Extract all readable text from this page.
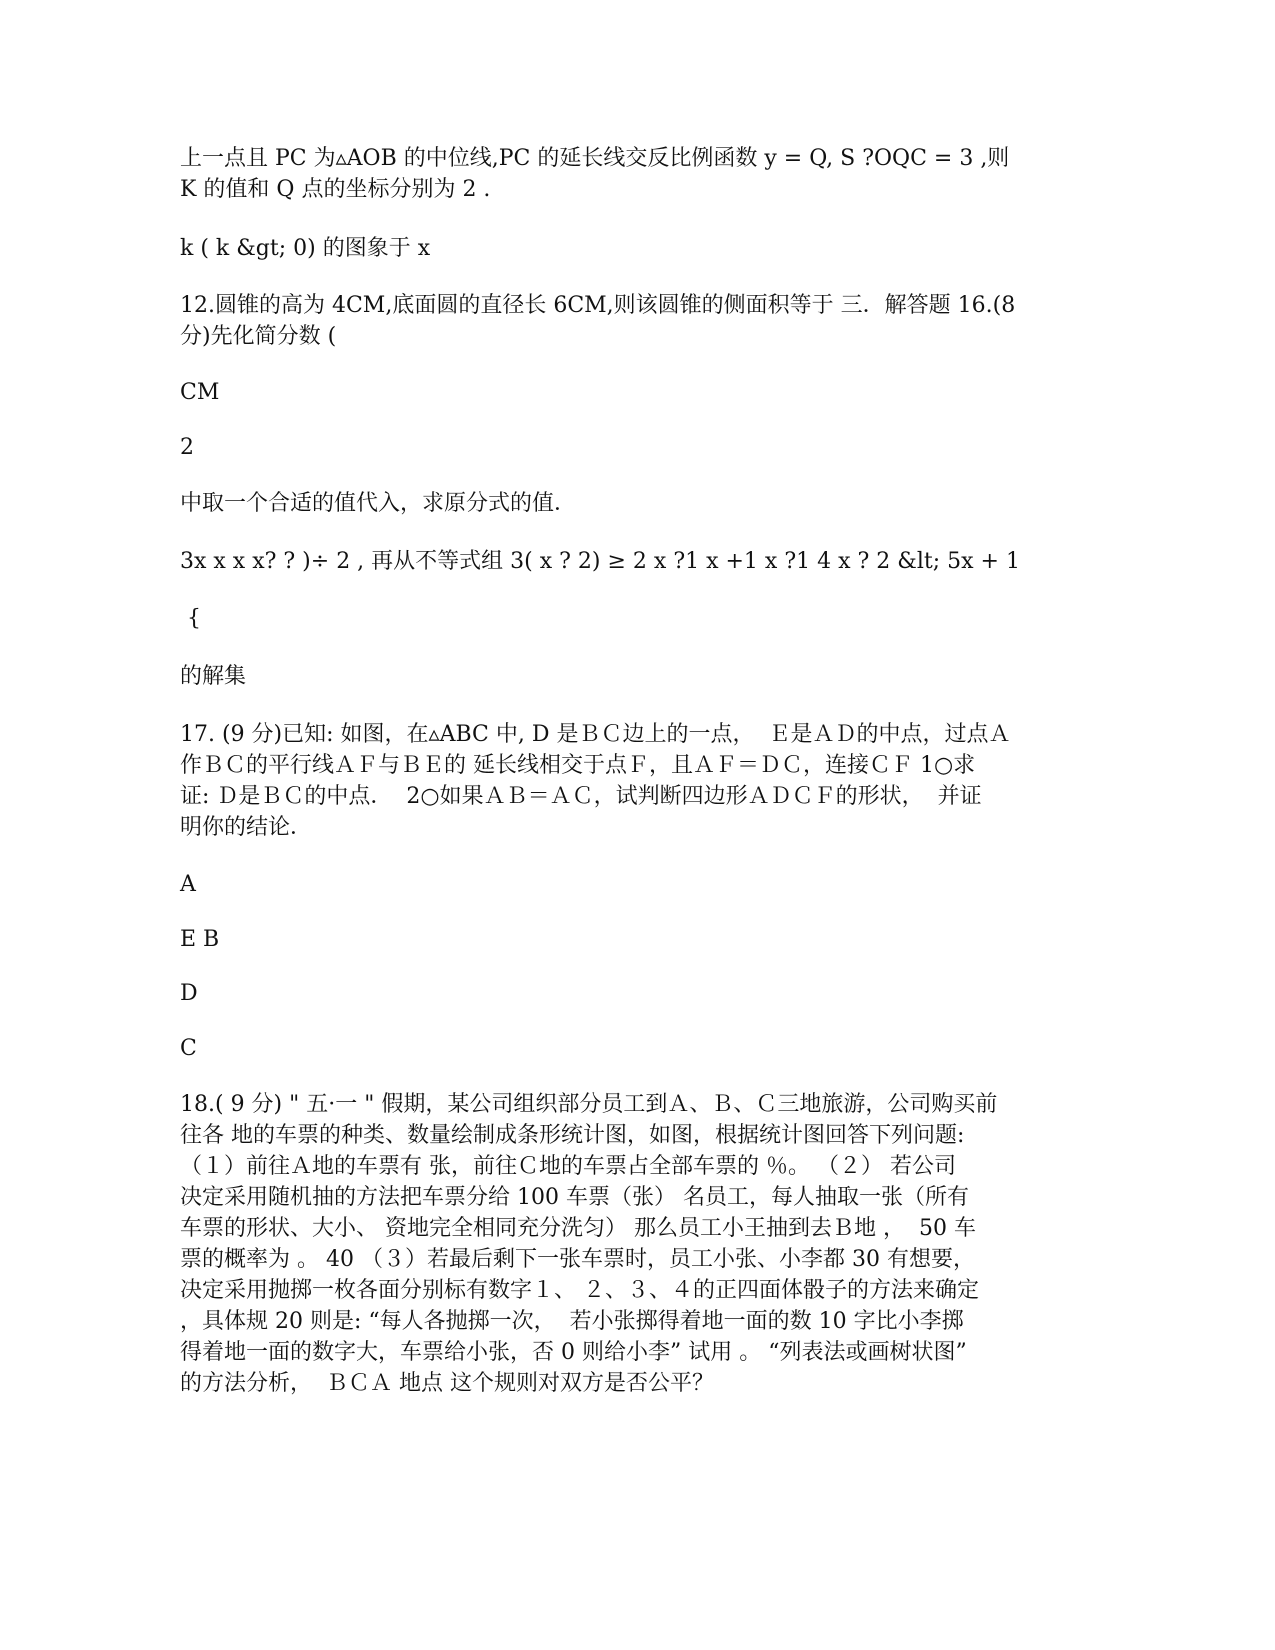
上一点且 PC 为▵AOB 的中位线,PC 的延长线交反比例函数 y = Q, S ?OQC = 3 ,则
K 的值和 Q 点的坐标分别为 2 .

k ( k &gt; 0) 的图象于 x

12.圆锥的高为 4CM,底面圆的直径长 6CM,则该圆锥的侧面积等于 三．解答题 16.(8
分)先化简分数 (

CM

2

中取一个合适的值代入，求原分式的值．

3x x x x? ? )÷ 2 , 再从不等式组 3( x ? 2) ≥ 2 x ?1 x +1 x ?1 4 x ? 2 &lt; 5x + 1

{

的解集

17. (9 分)已知: 如图，在▵ABC 中, D 是ＢＣ边上的一点，  Ｅ是ＡＤ的中点，过点Ａ
作ＢＣ的平行线ＡＦ与ＢＥ的 延长线相交于点Ｆ，且ＡＦ＝ＤＣ，连接ＣＦ 1○求
证: Ｄ是ＢＣ的中点．  2○如果ＡＢ＝ＡＣ，试判断四边形ＡＤＣＦ的形状，  并证
明你的结论．

A

E B

D

C

18.( 9 分) " 五·一 " 假期，某公司组织部分员工到Ａ、Ｂ、Ｃ三地旅游，公司购买前
往各 地的车票的种类、数量绘制成条形统计图，如图，根据统计图回答下列问题:
（１）前往Ａ地的车票有 张，前往Ｃ地的车票占全部车票的 ％。 （２） 若公司
决定采用随机抽的方法把车票分给 100 车票（张） 名员工，每人抽取一张（所有
车票的形状、大小、 资地完全相同充分洗匀） 那么员工小王抽到去Ｂ地 ，  50 车
票的概率为 。 40 （３）若最后剩下一张车票时，员工小张、小李都 30 有想要，
决定采用抛掷一枚各面分别标有数字１、 ２、３、４的正四面体骰子的方法来确定
，具体规 20 则是: “每人各抛掷一次，  若小张掷得着地一面的数 10 字比小李掷
得着地一面的数字大，车票给小张，否 0 则给小李” 试用 。 “列表法或画树状图”
的方法分析，  ＢＣＡ 地点 这个规则对双方是否公平？
